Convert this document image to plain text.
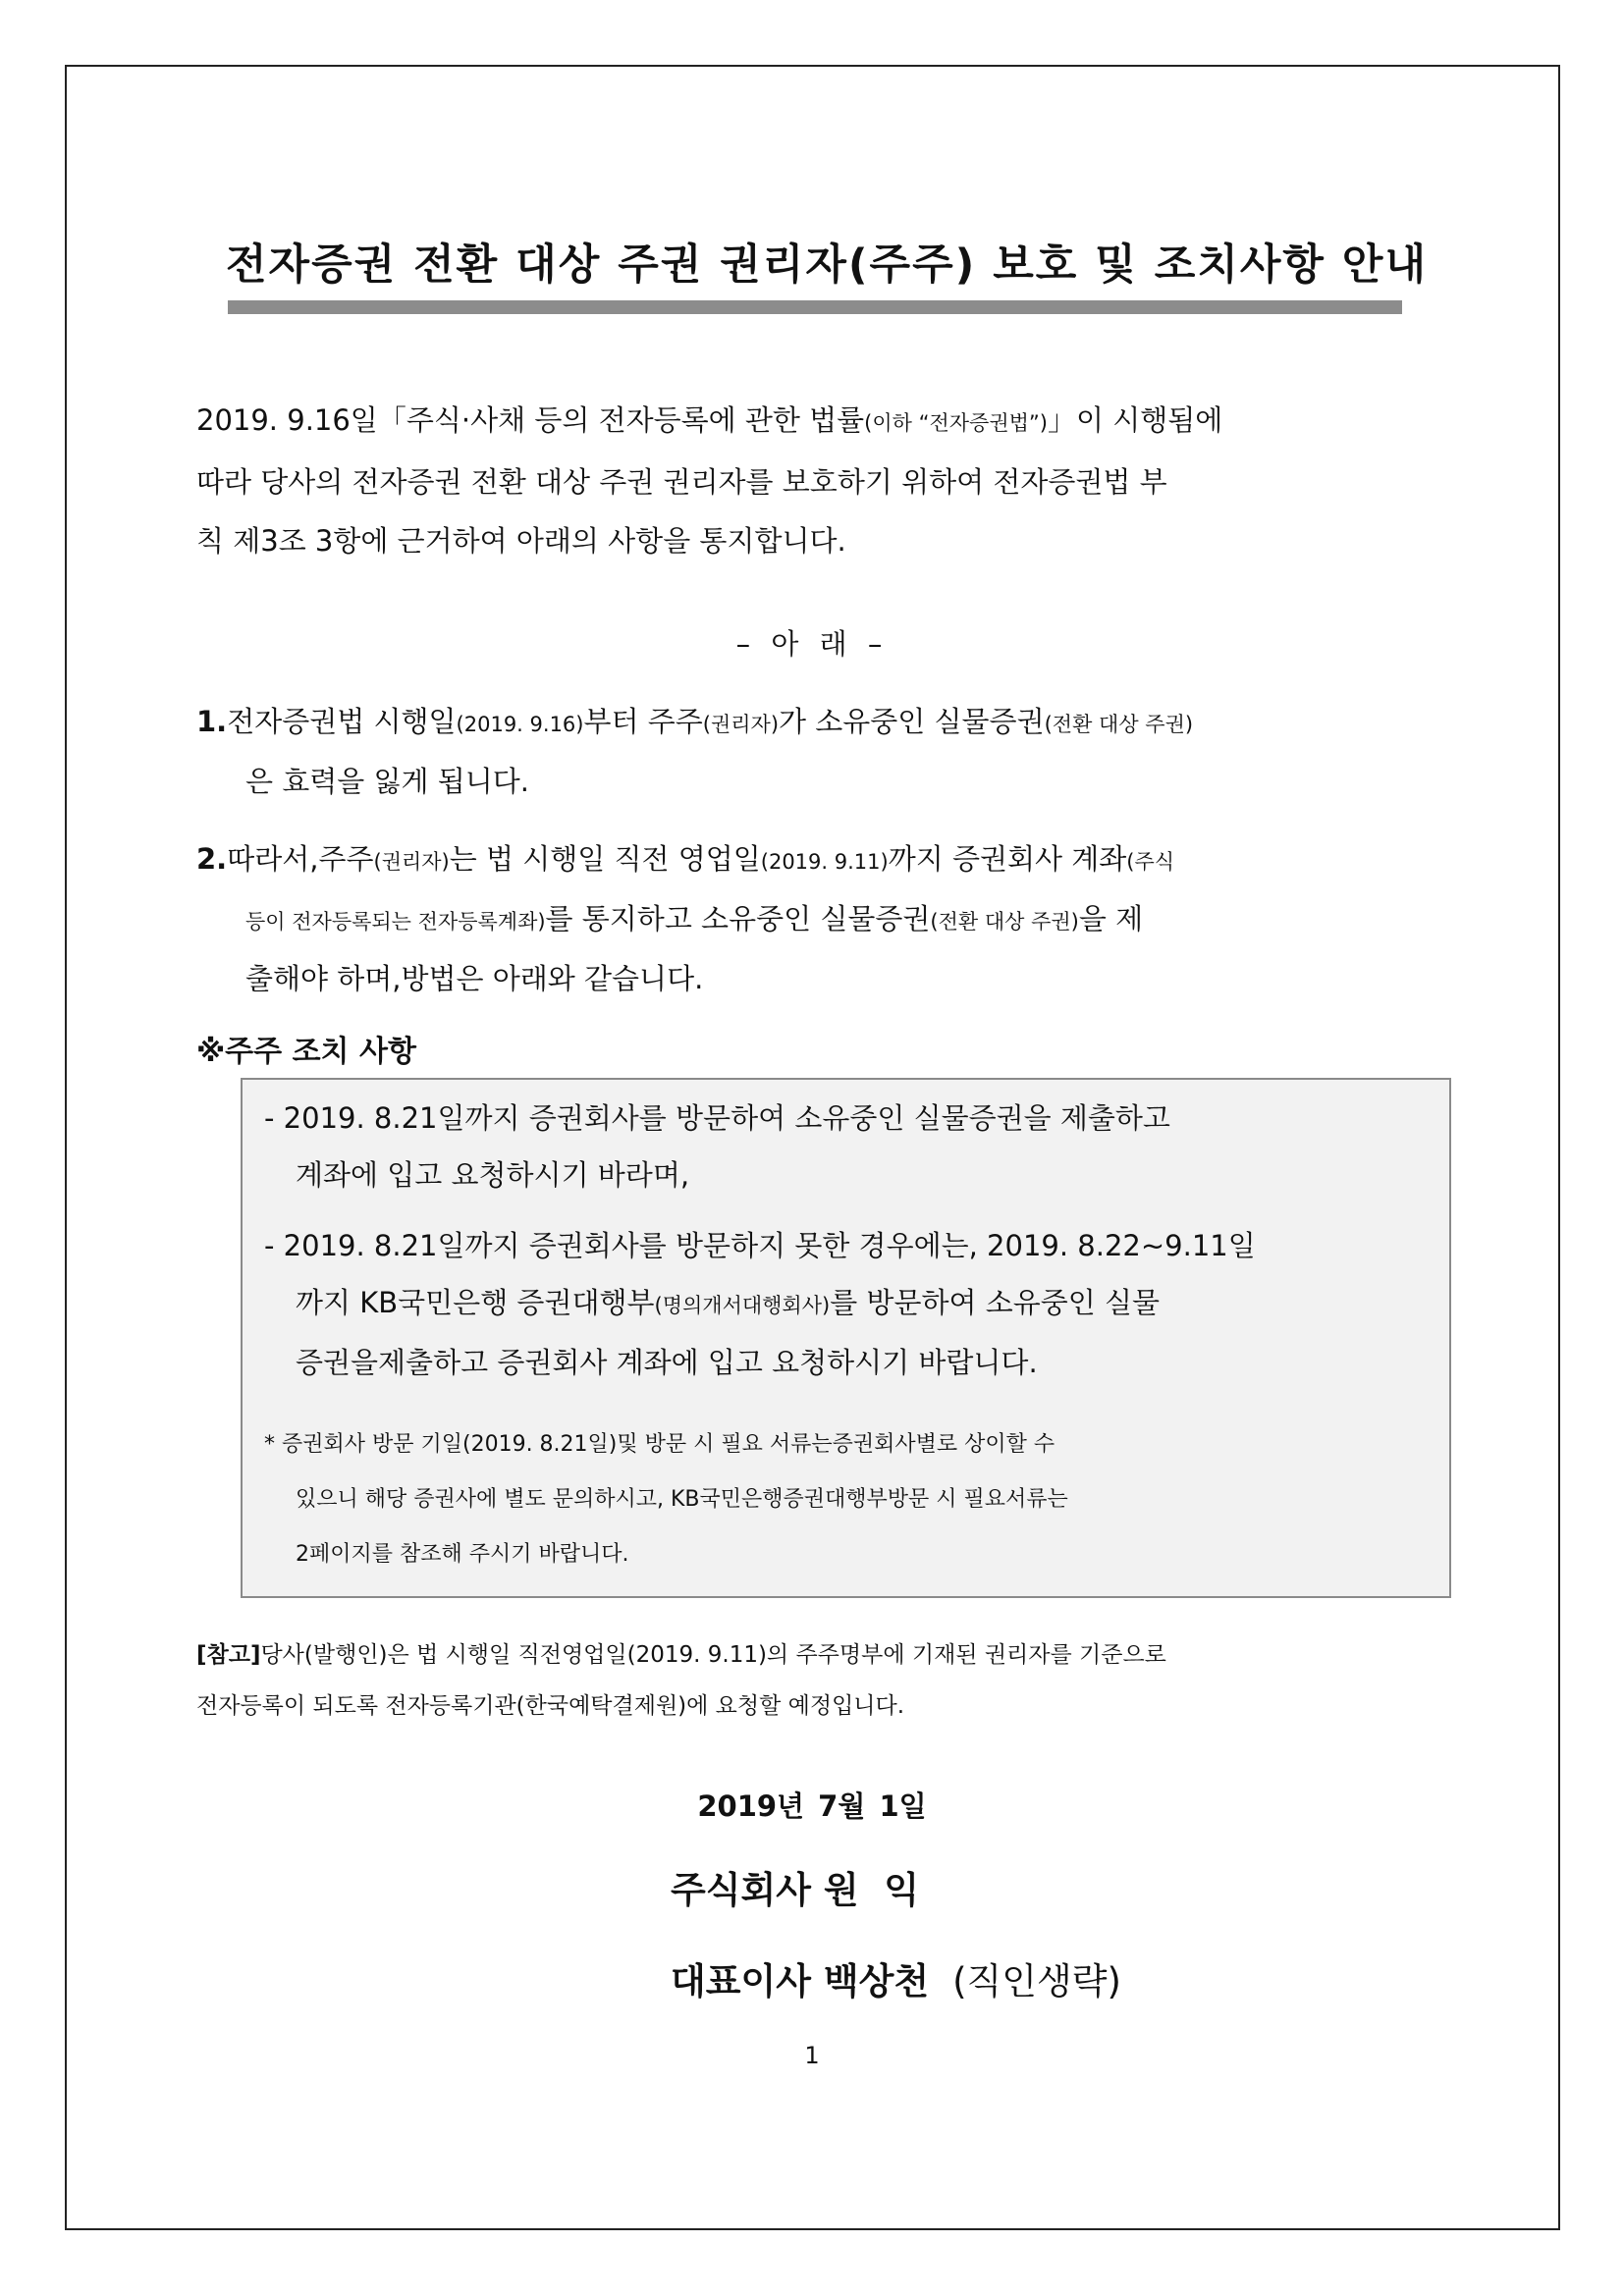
전자증권 전환 대상 주권 권리자(주주) 보호 및 조치사항 안내
2019. 9.16일「주식·사채 등의 전자등록에 관한 법률(이하 “전자증권법”)」이 시행됨에
따라 당사의 전자증권 전환 대상 주권 권리자를 보호하기 위하여 전자증권법 부
칙 제3조 3항에 근거하여 아래의 사항을 통지합니다.
– 아 래 –
1.전자증권법 시행일(2019. 9.16)부터 주주(권리자)가 소유중인 실물증권(전환 대상 주권)
은 효력을 잃게 됩니다.
2.따라서,주주(권리자)는 법 시행일 직전 영업일(2019. 9.11)까지 증권회사 계좌(주식
등이 전자등록되는 전자등록계좌)를 통지하고 소유중인 실물증권(전환 대상 주권)을 제
출해야 하며,방법은 아래와 같습니다.
※주주 조치 사항
- 2019. 8.21일까지 증권회사를 방문하여 소유중인 실물증권을 제출하고
계좌에 입고 요청하시기 바라며,
- 2019. 8.21일까지 증권회사를 방문하지 못한 경우에는, 2019. 8.22~9.11일
까지 KB국민은행 증권대행부(명의개서대행회사)를 방문하여 소유중인 실물
증권을제출하고 증권회사 계좌에 입고 요청하시기 바랍니다.
* 증권회사 방문 기일(2019. 8.21일)및 방문 시 필요 서류는증권회사별로 상이할 수
있으니 해당 증권사에 별도 문의하시고, KB국민은행증권대행부방문 시 필요서류는
2페이지를 참조해 주시기 바랍니다.
[참고]당사(발행인)은 법 시행일 직전영업일(2019. 9.11)의 주주명부에 기재된 권리자를 기준으로
전자등록이 되도록 전자등록기관(한국예탁결제원)에 요청할 예정입니다.
2019년 7월 1일
주식회사 원  익
대표이사 백상천 (직인생략)
1
